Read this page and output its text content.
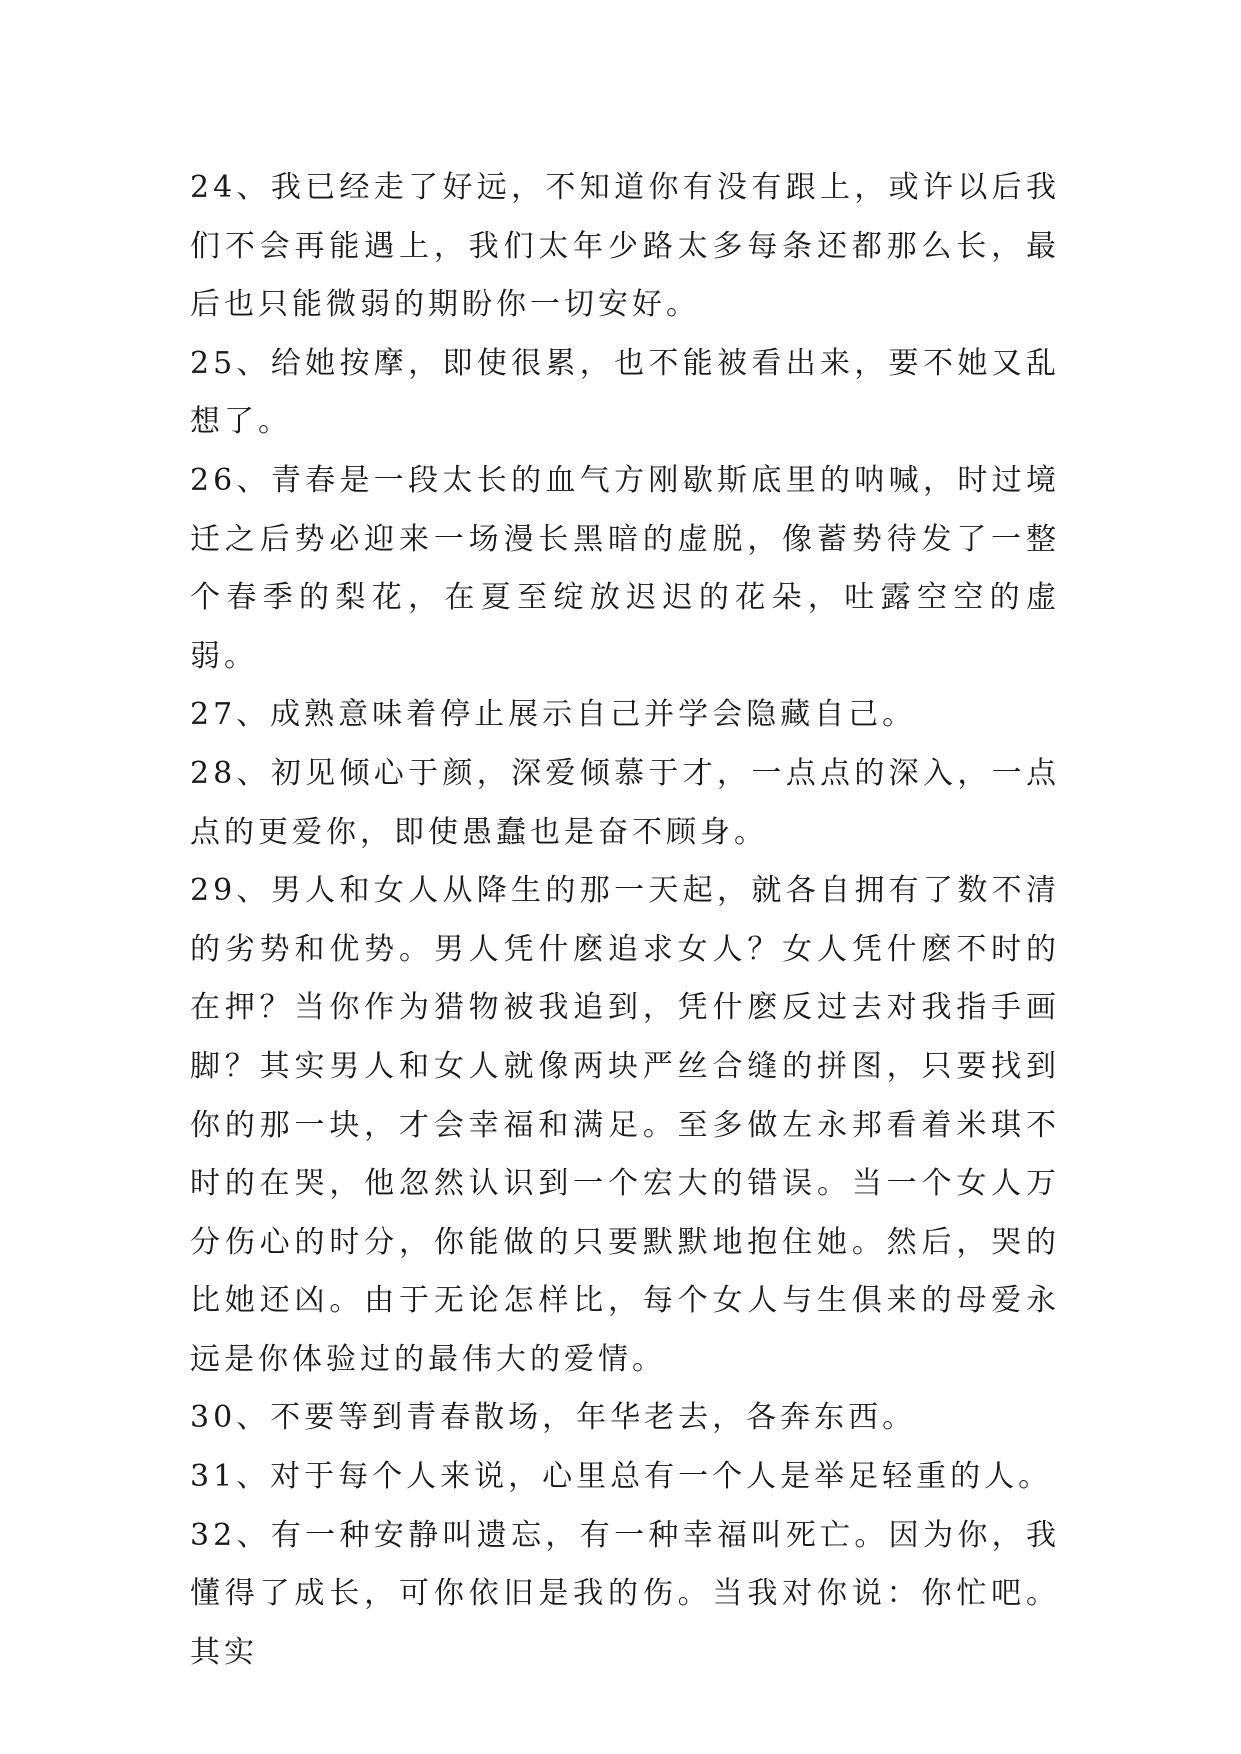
24、我已经走了好远，不知道你有没有跟上，或许以后我们不会再能遇上，我们太年少路太多每条还都那么长，最后也只能微弱的期盼你一切安好。

25、给她按摩，即使很累，也不能被看出来，要不她又乱想了。

26、青春是一段太长的血气方刚歇斯底里的呐喊，时过境迁之后势必迎来一场漫长黑暗的虚脱，像蓄势待发了一整个春季的梨花，在夏至绽放迟迟的花朵，吐露空空的虚弱。

27、成熟意味着停止展示自己并学会隐藏自己。

28、初见倾心于颜，深爱倾慕于才，一点点的深入，一点点的更爱你，即使愚蠢也是奋不顾身。

29、男人和女人从降生的那一天起，就各自拥有了数不清的劣势和优势。男人凭什麽追求女人？女人凭什麽不时的在押？当你作为猎物被我追到，凭什麽反过去对我指手画脚？其实男人和女人就像两块严丝合缝的拼图，只要找到你的那一块，才会幸福和满足。至多做左永邦看着米琪不时的在哭，他忽然认识到一个宏大的错误。当一个女人万分伤心的时分，你能做的只要默默地抱住她。然后，哭的比她还凶。由于无论怎样比，每个女人与生俱来的母爱永远是你体验过的最伟大的爱情。

30、不要等到青春散场，年华老去，各奔东西。

31、对于每个人来说，心里总有一个人是举足轻重的人。

32、有一种安静叫遗忘，有一种幸福叫死亡。因为你，我懂得了成长，可你依旧是我的伤。当我对你说：你忙吧。其实
